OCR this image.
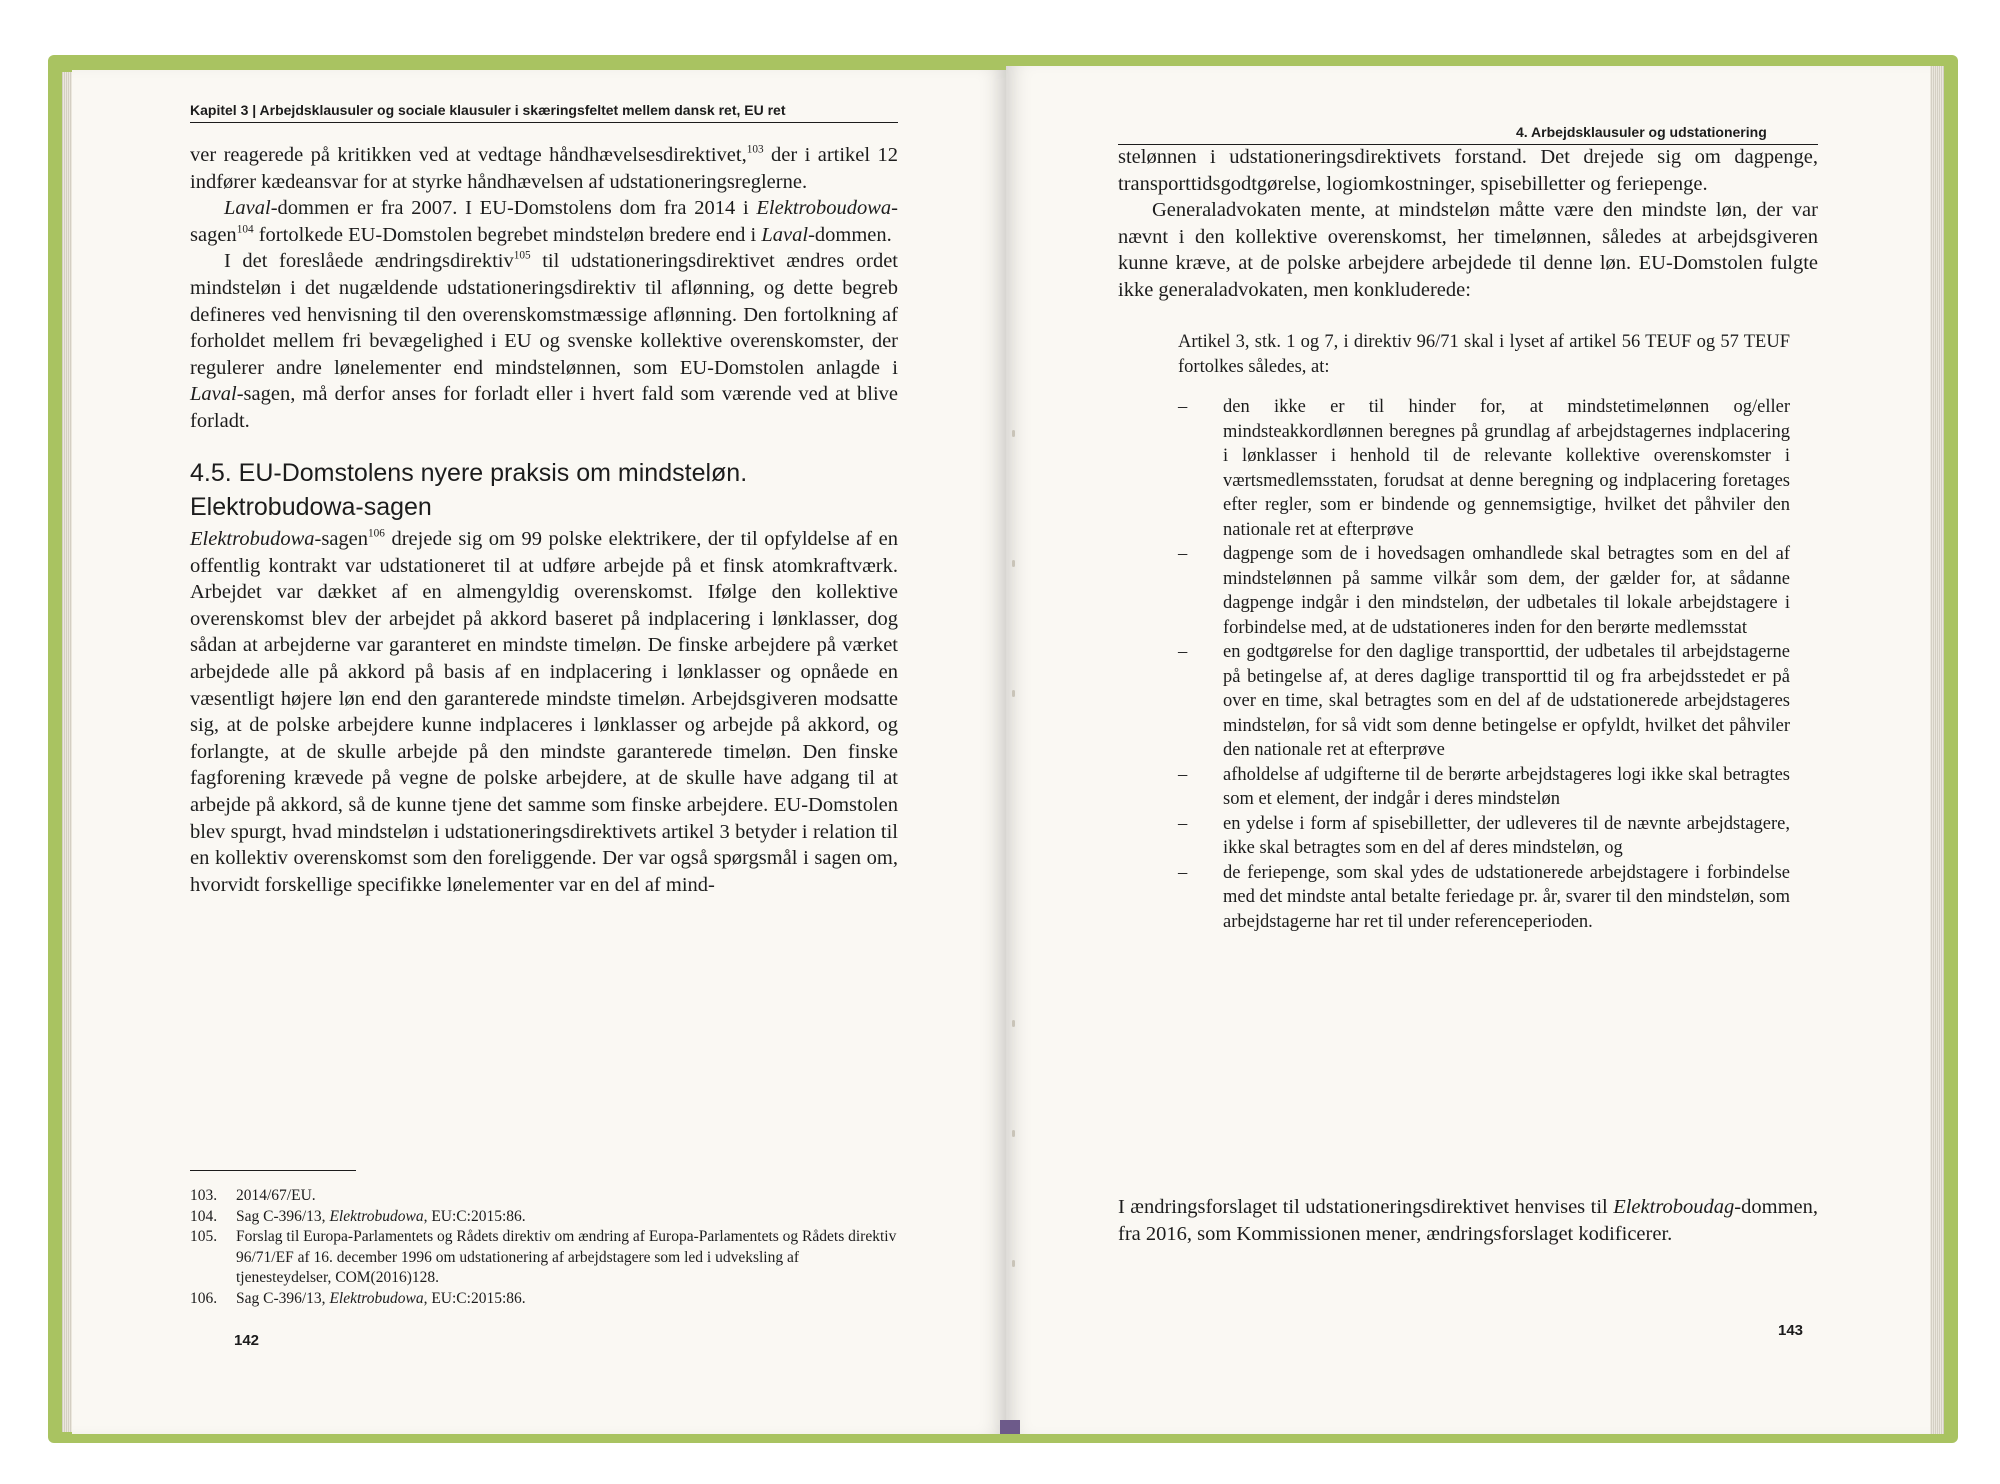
Kapitel 3 | Arbejdsklausuler og sociale klausuler i skæringsfeltet mellem dansk ret, EU ret

ver reagerede på kritikken ved at vedtage håndhævelsesdirektivet,$^{103}$ der i artikel 12 indfører kædeansvar for at styrke håndhævelsen af udstationeringsreglerne.

Laval-dommen er fra 2007. I EU-Domstolens dom fra 2014 i Elektroboudowa-sagen$^{104}$ fortolkede EU-Domstolen begrebet mindsteløn bredere end i Laval-dommen.

I det foreslåede ændringsdirektiv$^{105}$ til udstationeringsdirektivet ændres ordet mindsteløn i det nugældende udstationeringsdirektiv til aflønning, og dette begreb defineres ved henvisning til den overenskomstmæssige aflønning. Den fortolkning af forholdet mellem fri bevægelighed i EU og svenske kollektive overenskomster, der regulerer andre lønelementer end mindstelønnen, som EU-Domstolen anlagde i Laval-sagen, må derfor anses for forladt eller i hvert fald som værende ved at blive forladt.

4.5. EU-Domstolens nyere praksis om mindsteløn.
Elektrobudowa-sagen

Elektrobudowa-sagen$^{106}$ drejede sig om 99 polske elektrikere, der til opfyldelse af en offentlig kontrakt var udstationeret til at udføre arbejde på et finsk atomkraftværk. Arbejdet var dækket af en almengyldig overenskomst. Ifølge den kollektive overenskomst blev der arbejdet på akkord baseret på indplacering i lønklasser, dog sådan at arbejderne var garanteret en mindste timeløn. De finske arbejdere på værket arbejdede alle på akkord på basis af en indplacering i lønklasser og opnåede en væsentligt højere løn end den garanterede mindste timeløn. Arbejdsgiveren modsatte sig, at de polske arbejdere kunne indplaceres i lønklasser og arbejde på akkord, og forlangte, at de skulle arbejde på den mindste garanterede timeløn. Den finske fagforening krævede på vegne de polske arbejdere, at de skulle have adgang til at arbejde på akkord, så de kunne tjene det samme som finske arbejdere. EU-Domstolen blev spurgt, hvad mindsteløn i udstationeringsdirektivets artikel 3 betyder i relation til en kollektiv overenskomst som den foreliggende. Der var også spørgsmål i sagen om, hvorvidt forskellige specifikke lønelementer var en del af mind-

103.	2014/67/EU.
104.	Sag C-396/13, Elektrobudowa, EU:C:2015:86.
105.	Forslag til Europa-Parlamentets og Rådets direktiv om ændring af Europa-Parlamentets og Rådets direktiv 96/71/EF af 16. december 1996 om udstationering af arbejdstagere som led i udveksling af tjenesteydelser, COM(2016)128.
106.	Sag C-396/13, Elektrobudowa, EU:C:2015:86.
142
4. Arbejdsklausuler og udstationering

stelønnen i udstationeringsdirektivets forstand. Det drejede sig om dagpenge, transporttidsgodtgørelse, logiomkostninger, spisebilletter og feriepenge.

Generaladvokaten mente, at mindsteløn måtte være den mindste løn, der var nævnt i den kollektive overenskomst, her timelønnen, således at arbejdsgiveren kunne kræve, at de polske arbejdere arbejdede til denne løn. EU-Domstolen fulgte ikke generaladvokaten, men konkluderede:

Artikel 3, stk. 1 og 7, i direktiv 96/71 skal i lyset af artikel 56 TEUF og 57 TEUF fortolkes således, at:
–	den ikke er til hinder for, at mindstetimelønnen og/eller mindsteakkordlønnen beregnes på grundlag af arbejdstagernes indplacering i lønklasser i henhold til de relevante kollektive overenskomster i værtsmedlemsstaten, forudsat at denne beregning og indplacering foretages efter regler, som er bindende og gennemsigtige, hvilket det påhviler den nationale ret at efterprøve
–	dagpenge som de i hovedsagen omhandlede skal betragtes som en del af mindstelønnen på samme vilkår som dem, der gælder for, at sådanne dagpenge indgår i den mindsteløn, der udbetales til lokale arbejdstagere i forbindelse med, at de udstationeres inden for den berørte medlemsstat
–	en godtgørelse for den daglige transporttid, der udbetales til arbejdstagerne på betingelse af, at deres daglige transporttid til og fra arbejdsstedet er på over en time, skal betragtes som en del af de udstationerede arbejdstageres mindsteløn, for så vidt som denne betingelse er opfyldt, hvilket det påhviler den nationale ret at efterprøve
–	afholdelse af udgifterne til de berørte arbejdstageres logi ikke skal betragtes som et element, der indgår i deres mindsteløn
–	en ydelse i form af spisebilletter, der udleveres til de nævnte arbejdstagere, ikke skal betragtes som en del af deres mindsteløn, og
–	de feriepenge, som skal ydes de udstationerede arbejdstagere i forbindelse med det mindste antal betalte feriedage pr. år, svarer til den mindsteløn, som arbejdstagerne har ret til under referenceperioden.

I ændringsforslaget til udstationeringsdirektivet henvises til Elektroboudag-dommen, fra 2016, som Kommissionen mener, ændringsforslaget kodificerer.

143
